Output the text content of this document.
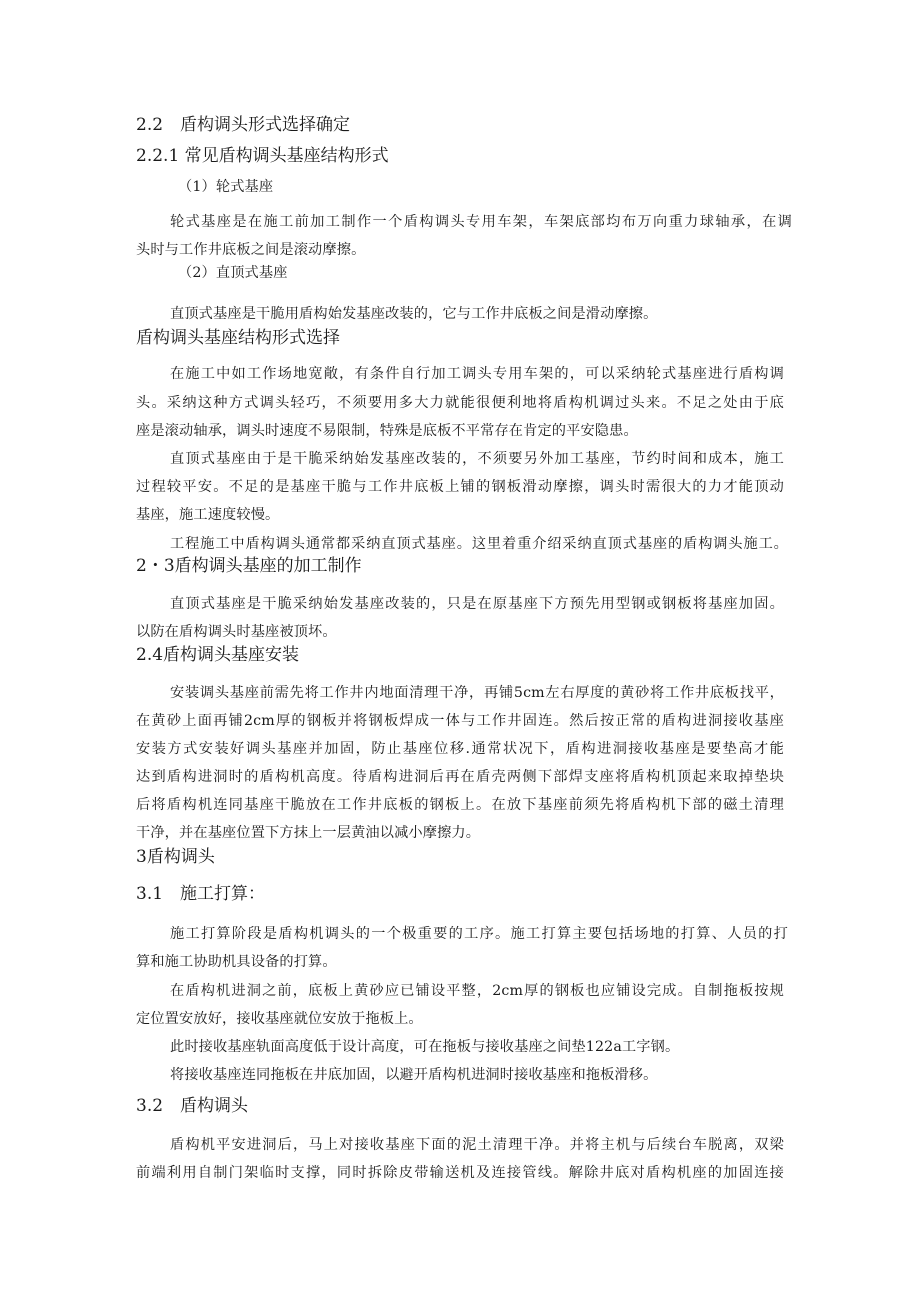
2.2　盾构调头形式选择确定
2.2.1 常见盾构调头基座结构形式
（1）轮式基座
轮式基座是在施工前加工制作一个盾构调头专用车架，车架底部均布万向重力球轴承，在调
头时与工作井底板之间是滚动摩擦。
（2）直顶式基座
直顶式基座是干脆用盾构始发基座改装的，它与工作井底板之间是滑动摩擦。
盾构调头基座结构形式选择
在施工中如工作场地宽敞，有条件自行加工调头专用车架的，可以采纳轮式基座进行盾构调
头。采纳这种方式调头轻巧，不须要用多大力就能很便利地将盾构机调过头来。不足之处由于底
座是滚动轴承，调头时速度不易限制，特殊是底板不平常存在肯定的平安隐患。
直顶式基座由于是干脆采纳始发基座改装的，不须要另外加工基座，节约时间和成本，施工
过程较平安。不足的是基座干脆与工作井底板上铺的钢板滑动摩擦，调头时需很大的力才能顶动
基座，施工速度较慢。
工程施工中盾构调头通常都采纳直顶式基座。这里着重介绍采纳直顶式基座的盾构调头施工。
2・3盾构调头基座的加工制作
直顶式基座是干脆采纳始发基座改装的，只是在原基座下方预先用型钢或钢板将基座加固。
以防在盾构调头时基座被顶坏。
2.4盾构调头基座安装
安装调头基座前需先将工作井内地面清理干净，再铺5cm左右厚度的黄砂将工作井底板找平，
在黄砂上面再铺2cm厚的钢板并将钢板焊成一体与工作井固连。然后按正常的盾构进洞接收基座
安装方式安装好调头基座并加固，防止基座位移.通常状况下，盾构进洞接收基座是要垫高才能
达到盾构进洞时的盾构机高度。待盾构进洞后再在盾壳两侧下部焊支座将盾构机顶起来取掉垫块
后将盾构机连同基座干脆放在工作井底板的钢板上。在放下基座前须先将盾构机下部的磁土清理
干净，并在基座位置下方抹上一层黄油以减小摩擦力。
3盾构调头
3.1　施工打算：
施工打算阶段是盾构机调头的一个极重要的工序。施工打算主要包括场地的打算、人员的打
算和施工协助机具设备的打算。
在盾构机进洞之前，底板上黄砂应已铺设平整，2cm厚的钢板也应铺设完成。自制拖板按规
定位置安放好，接收基座就位安放于拖板上。
此时接收基座轨面高度低于设计高度，可在拖板与接收基座之间垫122a工字钢。
将接收基座连同拖板在井底加固，以避开盾构机进洞时接收基座和拖板滑移。
3.2　盾构调头
盾构机平安进洞后，马上对接收基座下面的泥土清理干净。并将主机与后续台车脱离，双梁
前端利用自制门架临时支撑，同时拆除皮带输送机及连接管线。解除井底对盾构机座的加固连接
